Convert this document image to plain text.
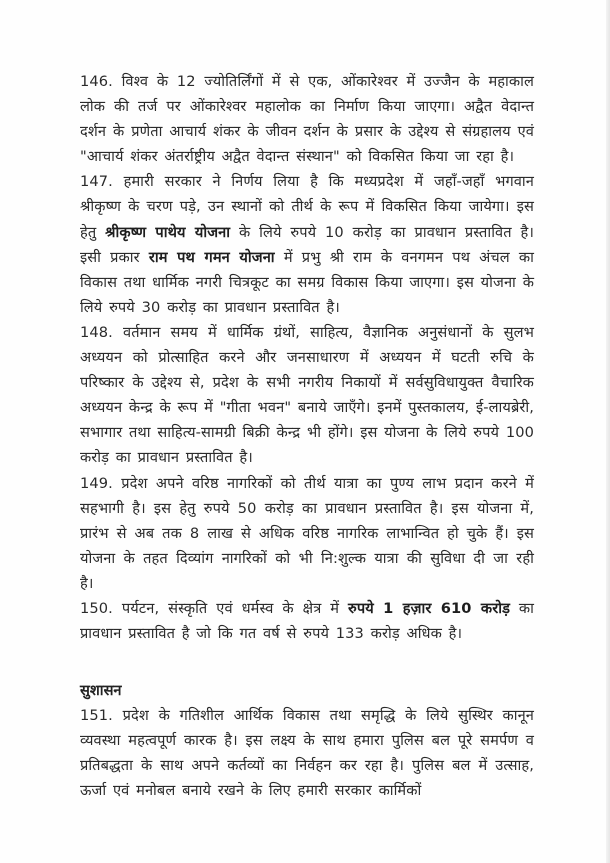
146. विश्व के 12 ज्योतिर्लिंगों में से एक, ओंकारेश्वर में उज्जैन के महाकाल लोक की तर्ज पर ओंकारेश्वर महालोक का निर्माण किया जाएगा। अद्वैत वेदान्त दर्शन के प्रणेता आचार्य शंकर के जीवन दर्शन के प्रसार के उद्देश्य से संग्रहालय एवं "आचार्य शंकर अंतर्राष्ट्रीय अद्वैत वेदान्त संस्थान" को विकसित किया जा रहा है।

147. हमारी सरकार ने निर्णय लिया है कि मध्यप्रदेश में जहाँ-जहाँ भगवान श्रीकृष्ण के चरण पड़े, उन स्थानों को तीर्थ के रूप में विकसित किया जायेगा। इस हेतु श्रीकृष्ण पाथेय योजना के लिये रुपये 10 करोड़ का प्रावधान प्रस्तावित है। इसी प्रकार राम पथ गमन योजना में प्रभु श्री राम के वनगमन पथ अंचल का विकास तथा धार्मिक नगरी चित्रकूट का समग्र विकास किया जाएगा। इस योजना के लिये रुपये 30 करोड़ का प्रावधान प्रस्तावित है।

148. वर्तमान समय में धार्मिक ग्रंथों, साहित्य, वैज्ञानिक अनुसंधानों के सुलभ अध्ययन को प्रोत्साहित करने और जनसाधारण में अध्ययन में घटती रुचि के परिष्कार के उद्देश्य से, प्रदेश के सभी नगरीय निकायों में सर्वसुविधायुक्त वैचारिक अध्ययन केन्द्र के रूप में "गीता भवन" बनाये जाएँगे। इनमें पुस्तकालय, ई-लायब्रेरी, सभागार तथा साहित्य-सामग्री बिक्री केन्द्र भी होंगे। इस योजना के लिये रुपये 100 करोड़ का प्रावधान प्रस्तावित है।

149. प्रदेश अपने वरिष्ठ नागरिकों को तीर्थ यात्रा का पुण्य लाभ प्रदान करने में सहभागी है। इस हेतु रुपये 50 करोड़ का प्रावधान प्रस्तावित है। इस योजना में, प्रारंभ से अब तक 8 लाख से अधिक वरिष्ठ नागरिक लाभान्वित हो चुके हैं। इस योजना के तहत दिव्यांग नागरिकों को भी नि:शुल्क यात्रा की सुविधा दी जा रही है।

150. पर्यटन, संस्कृति एवं धर्मस्व के क्षेत्र में रुपये 1 हज़ार 610 करोड़ का प्रावधान प्रस्तावित है जो कि गत वर्ष से रुपये 133 करोड़ अधिक है।

सुशासन

151. प्रदेश के गतिशील आर्थिक विकास तथा समृद्धि के लिये सुस्थिर कानून व्यवस्था महत्वपूर्ण कारक है। इस लक्ष्य के साथ हमारा पुलिस बल पूरे समर्पण व प्रतिबद्धता के साथ अपने कर्तव्यों का निर्वहन कर रहा है। पुलिस बल में उत्साह, ऊर्जा एवं मनोबल बनाये रखने के लिए हमारी सरकार कार्मिकों
